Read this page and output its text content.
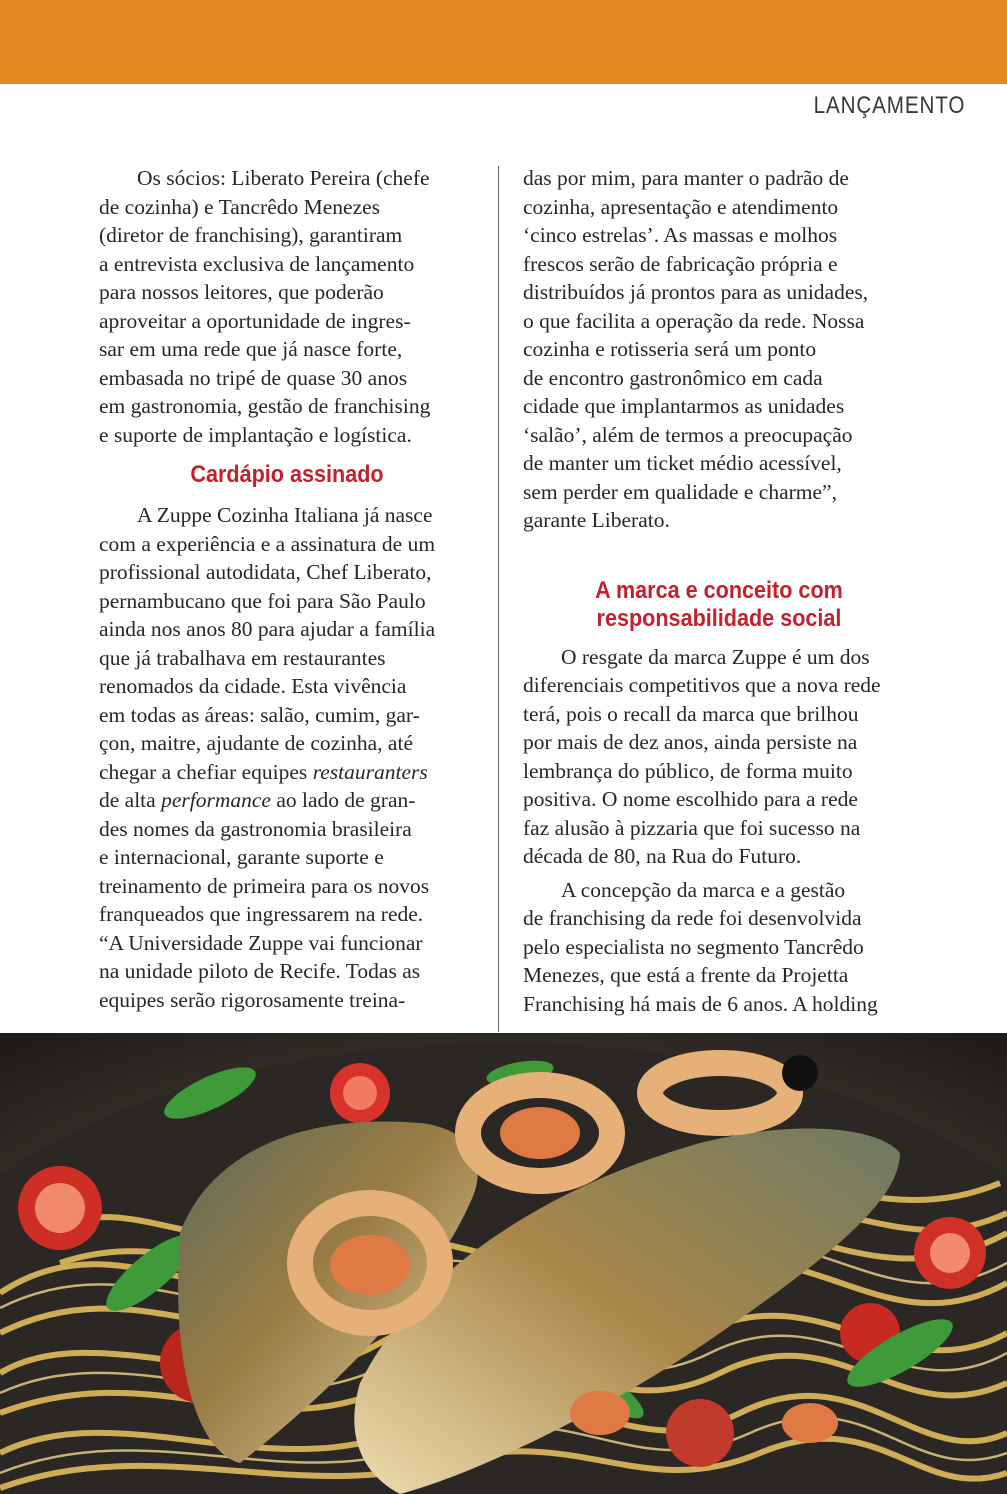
LANÇAMENTO
Os sócios: Liberato Pereira (chefe
de cozinha) e Tancrêdo Menezes
(diretor de franchising), garantiram
a entrevista exclusiva de lançamento
para nossos leitores, que poderão
aproveitar a oportunidade de ingres-
sar em uma rede que já nasce forte,
embasada no tripé de quase 30 anos
em gastronomia, gestão de franchising
e suporte de implantação e logística.
Cardápio assinado
A Zuppe Cozinha Italiana já nasce
com a experiência e a assinatura de um
profissional autodidata, Chef Liberato,
pernambucano que foi para São Paulo
ainda nos anos 80 para ajudar a família
que já trabalhava em restaurantes
renomados da cidade. Esta vivência
em todas as áreas: salão, cumim, gar-
çon, maitre, ajudante de cozinha, até
chegar a chefiar equipes restauranters
de alta performance ao lado de gran-
des nomes da gastronomia brasileira
e internacional, garante suporte e
treinamento de primeira para os novos
franqueados que ingressarem na rede.
“A Universidade Zuppe vai funcionar
na unidade piloto de Recife. Todas as
equipes serão rigorosamente treina-
das por mim, para manter o padrão de
cozinha, apresentação e atendimento
‘cinco estrelas’. As massas e molhos
frescos serão de fabricação própria e
distribuídos já prontos para as unidades,
o que facilita a operação da rede. Nossa
cozinha e rotisseria será um ponto
de encontro gastronômico em cada
cidade que implantarmos as unidades
‘salão’, além de termos a preocupação
de manter um ticket médio acessível,
sem perder em qualidade e charme”,
garante Liberato.
A marca e conceito com
responsabilidade social
O resgate da marca Zuppe é um dos
diferenciais competitivos que a nova rede
terá, pois o recall da marca que brilhou
por mais de dez anos, ainda persiste na
lembrança do público, de forma muito
positiva. O nome escolhido para a rede
faz alusão à pizzaria que foi sucesso na
década de 80, na Rua do Futuro.
A concepção da marca e a gestão
de franchising da rede foi desenvolvida
pelo especialista no segmento Tancrêdo
Menezes, que está a frente da Projetta
Franchising há mais de 6 anos. A holding
